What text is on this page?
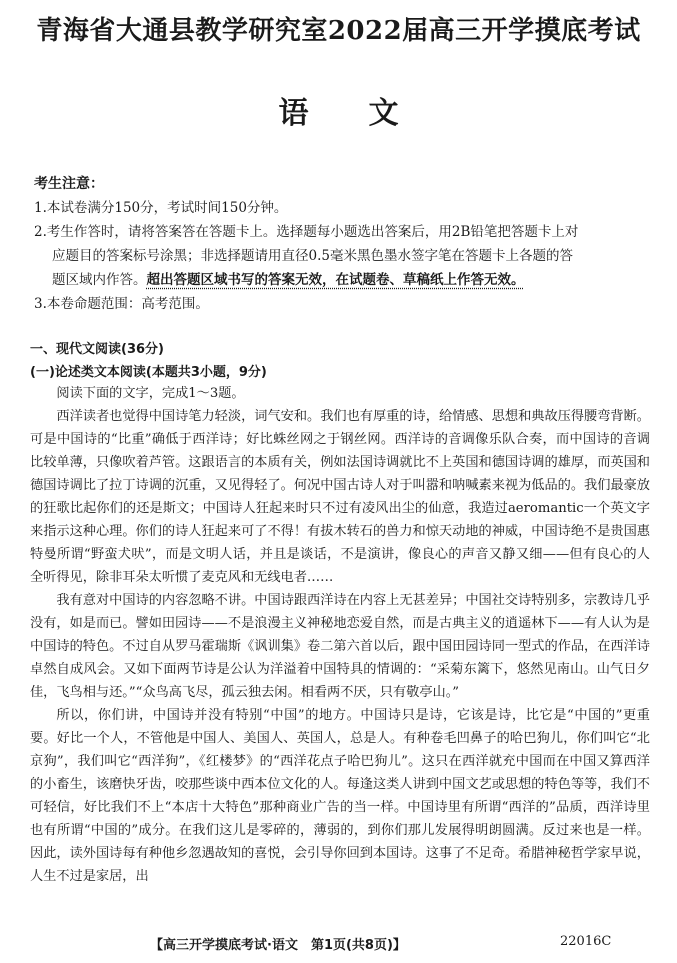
青海省大通县教学研究室2022届高三开学摸底考试
语文
考生注意：
1.本试卷满分150分，考试时间150分钟。
2.考生作答时，请将答案答在答题卡上。选择题每小题选出答案后，用2B铅笔把答题卡上对
应题目的答案标号涂黑；非选择题请用直径0.5毫米黑色墨水签字笔在答题卡上各题的答
题区域内作答。超出答题区域书写的答案无效，在试题卷、草稿纸上作答无效。
3.本卷命题范围：高考范围。
一、现代文阅读(36分)
(一)论述类文本阅读(本题共3小题，9分)

阅读下面的文字，完成1～3题。

西洋读者也觉得中国诗笔力轻淡，词气安和。我们也有厚重的诗，给情感、思想和典故压得腰弯背断。可是中国诗的“比重”确低于西洋诗；好比蛛丝网之于钢丝网。西洋诗的音调像乐队合奏，而中国诗的音调比较单薄，只像吹着芦管。这跟语言的本质有关，例如法国诗调就比不上英国和德国诗调的雄厚，而英国和德国诗调比了拉丁诗调的沉重，又见得轻了。何况中国古诗人对于叫嚣和呐喊素来视为低品的。我们最豪放的狂歌比起你们的还是斯文；中国诗人狂起来时只不过有凌风出尘的仙意，我造过aeromantic一个英文字来指示这种心理。你们的诗人狂起来可了不得！有拔木转石的兽力和惊天动地的神威，中国诗绝不是贵国惠特曼所谓“野蛮犬吠”，而是文明人话，并且是谈话，不是演讲，像良心的声音又静又细——但有良心的人全听得见，除非耳朵太听惯了麦克风和无线电者……

我有意对中国诗的内容忽略不讲。中国诗跟西洋诗在内容上无甚差异；中国社交诗特别多，宗教诗几乎没有，如是而已。譬如田园诗——不是浪漫主义神秘地恋爱自然，而是古典主义的逍遥林下——有人认为是中国诗的特色。不过自从罗马霍瑞斯《讽训集》卷二第六首以后，跟中国田园诗同一型式的作品，在西洋诗卓然自成风会。又如下面两节诗是公认为洋溢着中国特具的情调的：“采菊东篱下，悠然见南山。山气日夕佳，飞鸟相与还。”“众鸟高飞尽，孤云独去闲。相看两不厌，只有敬亭山。”

所以，你们讲，中国诗并没有特别“中国”的地方。中国诗只是诗，它该是诗，比它是“中国的”更重要。好比一个人，不管他是中国人、美国人、英国人，总是人。有种卷毛凹鼻子的哈巴狗儿，你们叫它“北京狗”，我们叫它“西洋狗”，《红楼梦》的“西洋花点子哈巴狗儿”。这只在西洋就充中国而在中国又算西洋的小畜生，该磨快牙齿，咬那些谈中西本位文化的人。每逢这类人讲到中国文艺或思想的特色等等，我们不可轻信，好比我们不上“本店十大特色”那种商业广告的当一样。中国诗里有所谓“西洋的”品质，西洋诗里也有所谓“中国的”成分。在我们这儿是零碎的，薄弱的，到你们那儿发展得明朗圆满。反过来也是一样。因此，读外国诗每有种他乡忽遇故知的喜悦，会引导你回到本国诗。这事了不足奇。希腊神秘哲学家早说，人生不过是家居，出

【高三开学摸底考试·语文　第1页(共8页)】	22016C
